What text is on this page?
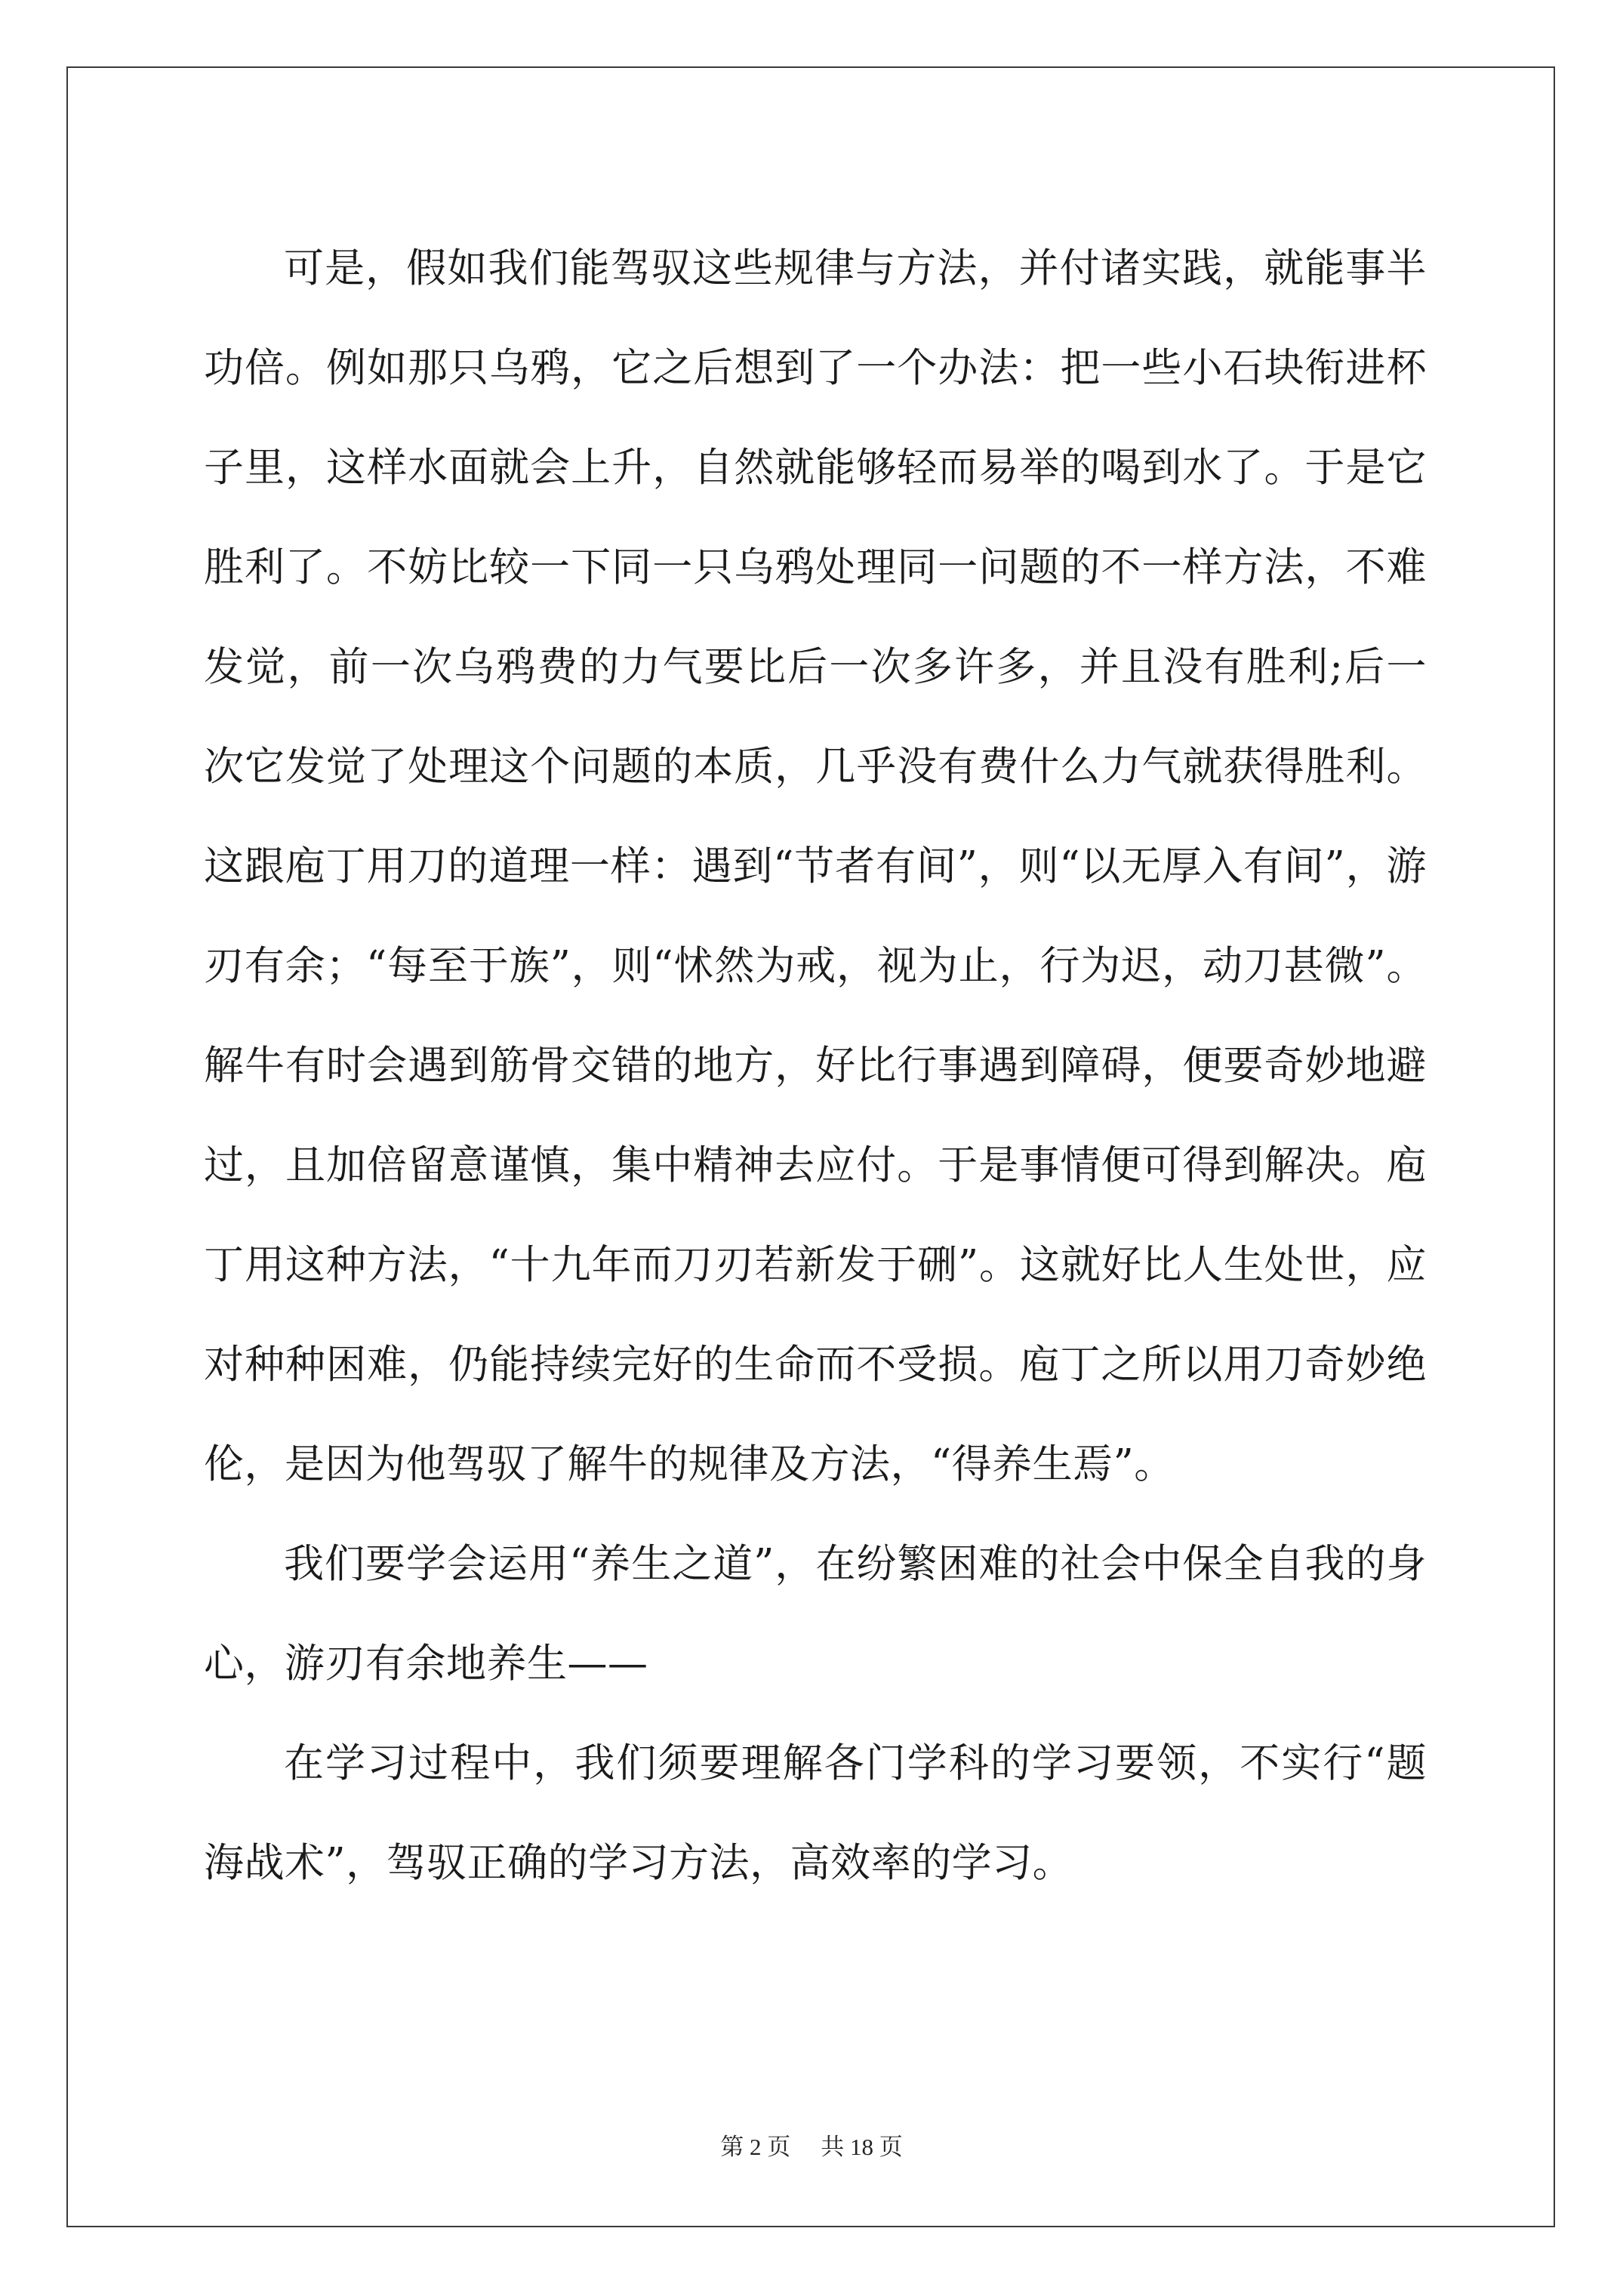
可是，假如我们能驾驭这些规律与方法，并付诸实践，就能事半功倍。例如那只乌鸦，它之后想到了一个办法：把一些小石块衔进杯子里，这样水面就会上升，自然就能够轻而易举的喝到水了。于是它胜利了。不妨比较一下同一只乌鸦处理同一问题的不一样方法，不难发觉，前一次乌鸦费的力气要比后一次多许多，并且没有胜利;后一次它发觉了处理这个问题的本质，几乎没有费什么力气就获得胜利。这跟庖丁用刀的道理一样：遇到“节者有间”，则“以无厚入有间”，游刃有余；“每至于族”，则“怵然为戒，视为止，行为迟，动刀甚微”。解牛有时会遇到筋骨交错的地方，好比行事遇到障碍，便要奇妙地避过，且加倍留意谨慎，集中精神去应付。于是事情便可得到解决。庖丁用这种方法，“十九年而刀刃若新发于硎”。这就好比人生处世，应对种种困难，仍能持续完好的生命而不受损。庖丁之所以用刀奇妙绝伦，是因为他驾驭了解牛的规律及方法，“得养生焉”。

我们要学会运用“养生之道”，在纷繁困难的社会中保全自我的身心，游刃有余地养生——

在学习过程中，我们须要理解各门学科的学习要领，不实行“题海战术”，驾驭正确的学习方法，高效率的学习。

第 2 页 共 18 页
